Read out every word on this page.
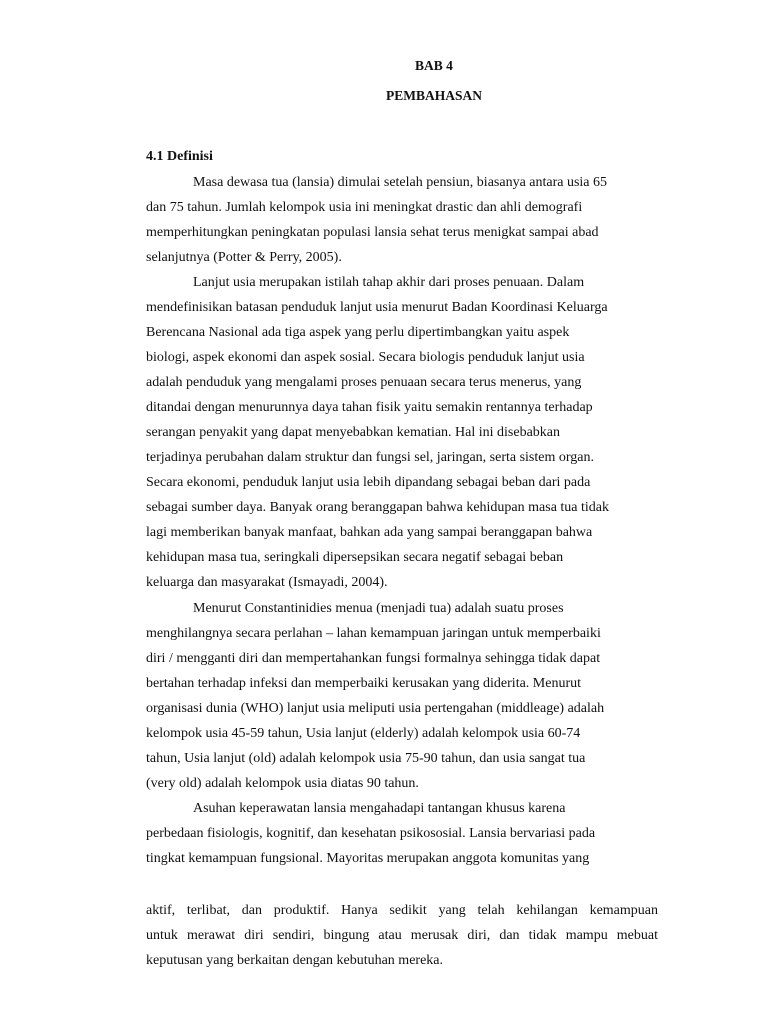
BAB 4
PEMBAHASAN
4.1 Definisi
Masa dewasa tua (lansia) dimulai setelah pensiun, biasanya antara usia 65
dan 75 tahun. Jumlah kelompok usia ini meningkat drastic dan ahli demografi
memperhitungkan peningkatan populasi lansia sehat terus menigkat sampai abad
selanjutnya (Potter & Perry, 2005).
Lanjut usia merupakan istilah tahap akhir dari proses penuaan. Dalam
mendefinisikan batasan penduduk lanjut usia menurut Badan Koordinasi Keluarga
Berencana Nasional ada tiga aspek yang perlu dipertimbangkan yaitu aspek
biologi, aspek ekonomi dan aspek sosial. Secara biologis penduduk lanjut usia
adalah penduduk yang mengalami proses penuaan secara terus menerus, yang
ditandai dengan menurunnya daya tahan fisik yaitu semakin rentannya terhadap
serangan penyakit yang dapat menyebabkan kematian. Hal ini disebabkan
terjadinya perubahan dalam struktur dan fungsi sel, jaringan, serta sistem organ.
Secara ekonomi, penduduk lanjut usia lebih dipandang sebagai beban dari pada
sebagai sumber daya. Banyak orang beranggapan bahwa kehidupan masa tua tidak
lagi memberikan banyak manfaat, bahkan ada yang sampai beranggapan bahwa
kehidupan masa tua, seringkali dipersepsikan secara negatif sebagai beban
keluarga dan masyarakat (Ismayadi, 2004).
Menurut Constantinidies menua (menjadi tua) adalah suatu proses
menghilangnya secara perlahan – lahan kemampuan jaringan untuk memperbaiki
diri / mengganti diri dan mempertahankan fungsi formalnya sehingga tidak dapat
bertahan terhadap infeksi dan memperbaiki kerusakan yang diderita. Menurut
organisasi dunia (WHO) lanjut usia meliputi usia pertengahan (middleage) adalah
kelompok usia 45-59 tahun, Usia lanjut (elderly) adalah kelompok usia 60-74
tahun, Usia lanjut (old) adalah kelompok usia 75-90 tahun, dan usia sangat tua
(very old) adalah kelompok usia diatas 90 tahun.
Asuhan keperawatan lansia mengahadapi tantangan khusus karena
perbedaan fisiologis, kognitif, dan kesehatan psikososial. Lansia bervariasi pada
tingkat kemampuan fungsional. Mayoritas merupakan anggota komunitas yang
aktif, terlibat, dan produktif. Hanya sedikit yang telah kehilangan kemampuan
untuk merawat diri sendiri, bingung atau merusak diri, dan tidak mampu mebuat
keputusan yang berkaitan dengan kebutuhan mereka.
